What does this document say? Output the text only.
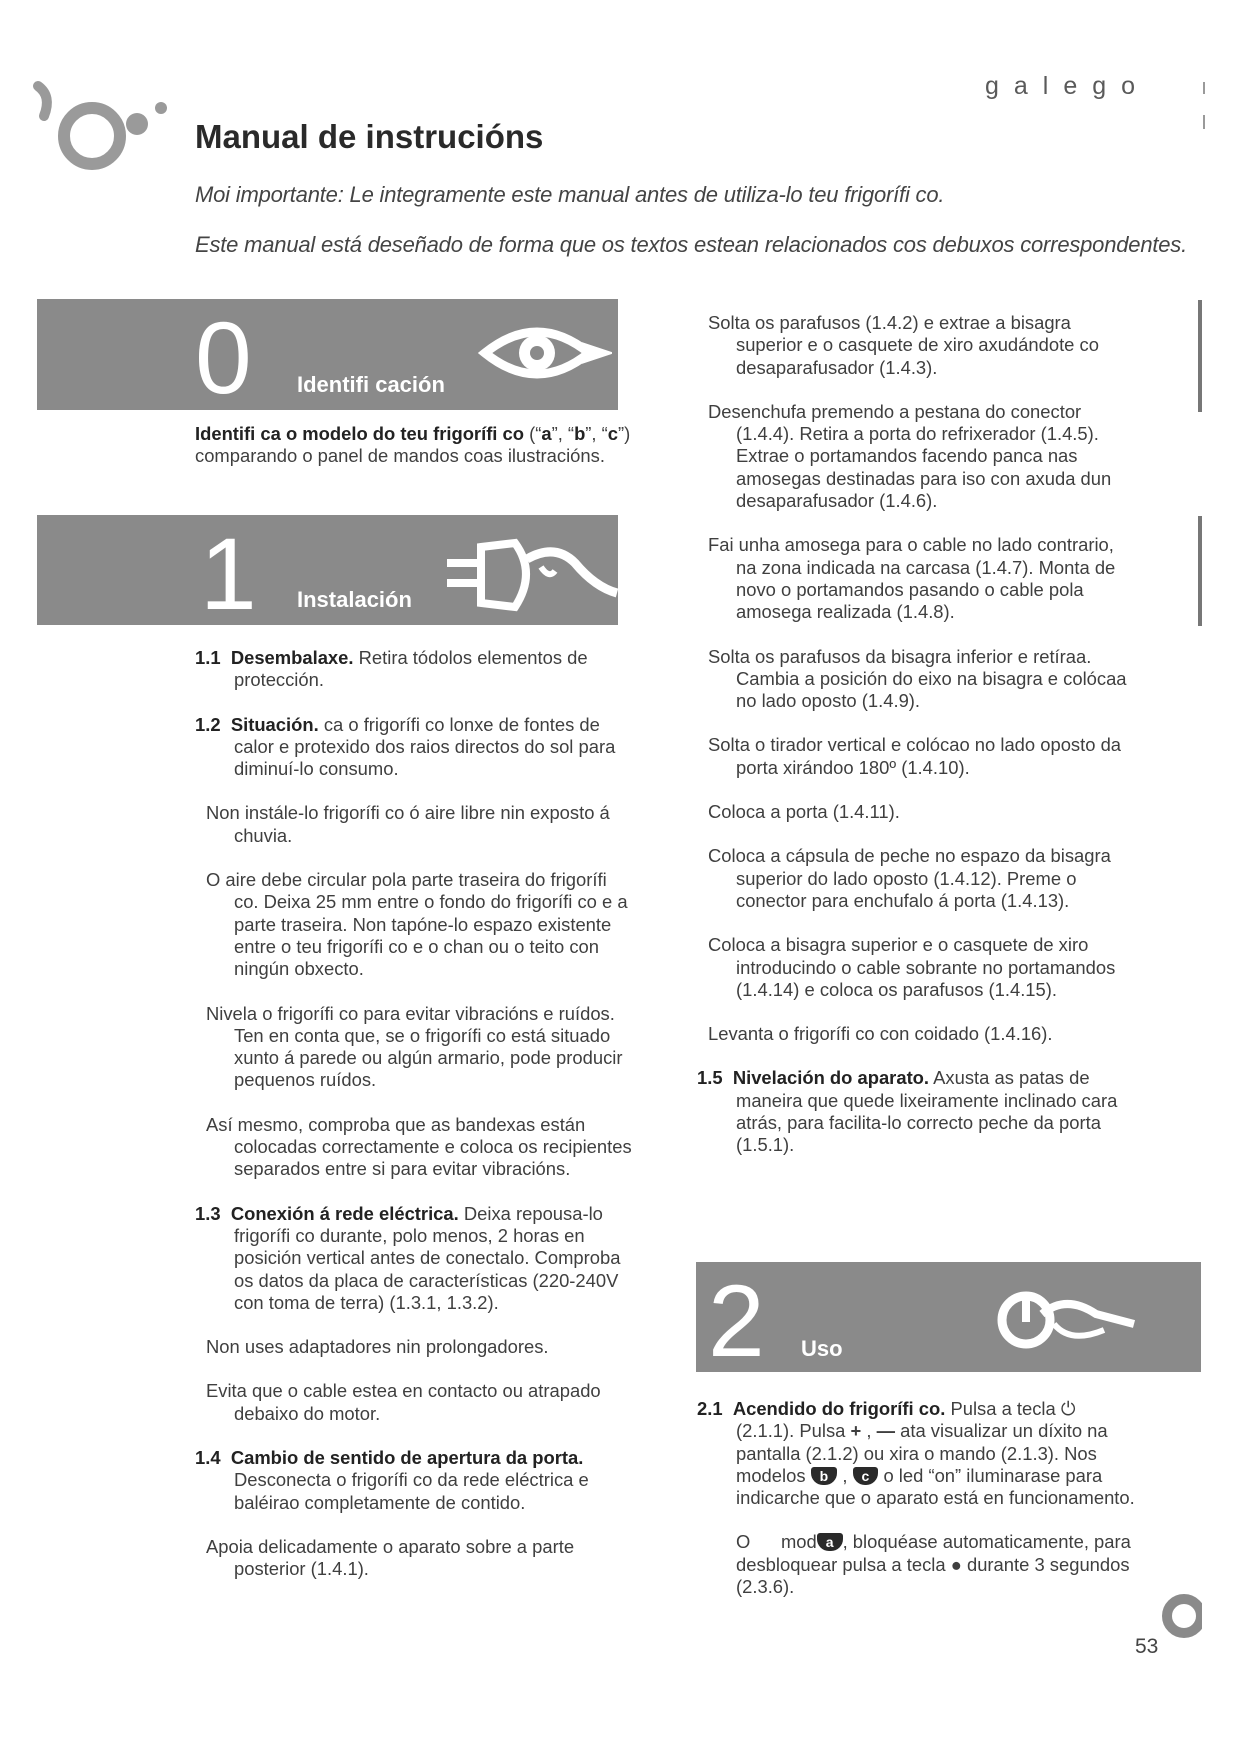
galego
Manual de instrucións

Moi importante: Le integramente este manual antes de utiliza-lo teu frigorífi co.

Este manual está deseñado de forma que os textos estean relacionados cos debuxos correspondentes.

0 Identifi cación

Identifi ca o modelo do teu frigorífi co (“a”, “b”, “c”) comparando o panel de mandos coas ilustracións.

1 Instalación

1.1 Desembalaxe. Retira tódolos elementos de protección.

1.2 Situación. ca o frigorífi co lonxe de fontes de calor e protexido dos raios directos do sol para diminuí-lo consumo.

Non instále-lo frigorífi co ó aire libre nin exposto á chuvia.

O aire debe circular pola parte traseira do frigorífi co. Deixa 25 mm entre o fondo do frigorífi co e a parte traseira. Non tapóne-lo espazo existente entre o teu frigorífi co e o chan ou o teito con ningún obxecto.

Nivela o frigorífi co para evitar vibracións e ruídos. Ten en conta que, se o frigorífi co está situado xunto á parede ou algún armario, pode producir pequenos ruídos.

Así mesmo, comproba que as bandexas están colocadas correctamente e coloca os recipientes separados entre si para evitar vibracións.

1.3 Conexión á rede eléctrica. Deixa repousa-lo frigorífi co durante, polo menos, 2 horas en posición vertical antes de conectalo. Comproba os datos da placa de características (220-240V con toma de terra) (1.3.1, 1.3.2).

Non uses adaptadores nin prolongadores.

Evita que o cable estea en contacto ou atrapado debaixo do motor.

1.4 Cambio de sentido de apertura da porta. Desconecta o frigorífi co da rede eléctrica e baléirao completamente de contido.

Apoia delicadamente o aparato sobre a parte posterior (1.4.1).

Solta os parafusos (1.4.2) e extrae a bisagra superior e o casquete de xiro axudándote co desaparafusador (1.4.3).

Desenchufa premendo a pestana do conector (1.4.4). Retira a porta do refrixerador (1.4.5). Extrae o portamandos facendo panca nas amosegas destinadas para iso con axuda dun desaparafusador (1.4.6).

Fai unha amosega para o cable no lado contrario, na zona indicada na carcasa (1.4.7). Monta de novo o portamandos pasando o cable pola amosega realizada (1.4.8).

Solta os parafusos da bisagra inferior e retíraa. Cambia a posición do eixo na bisagra e colócaa no lado oposto (1.4.9).

Solta o tirador vertical e colócao no lado oposto da porta xirándoo 180º (1.4.10).

Coloca a porta (1.4.11).

Coloca a cápsula de peche no espazo da bisagra superior do lado oposto (1.4.12). Preme o conector para enchufalo á porta (1.4.13).

Coloca a bisagra superior e o casquete de xiro introducindo o cable sobrante no portamandos (1.4.14) e coloca os parafusos (1.4.15).

Levanta o frigorífi co con coidado (1.4.16).

1.5 Nivelación do aparato. Axusta as patas de maneira que quede lixeiramente inclinado cara atrás, para facilita-lo correcto peche da porta (1.5.1).

2 Uso

2.1 Acendido do frigorífi co. Pulsa a tecla ⏻ (2.1.1). Pulsa + , — ata visualizar un díxito na pantalla (2.1.2) ou xira o mando (2.1.3). Nos modelos b , c o led “on” iluminarase para indicarche que o aparato está en funcionamento.

O mod a , bloquéase automaticamente, para desbloquear pulsa a tecla ● durante 3 segundos (2.3.6).

53
